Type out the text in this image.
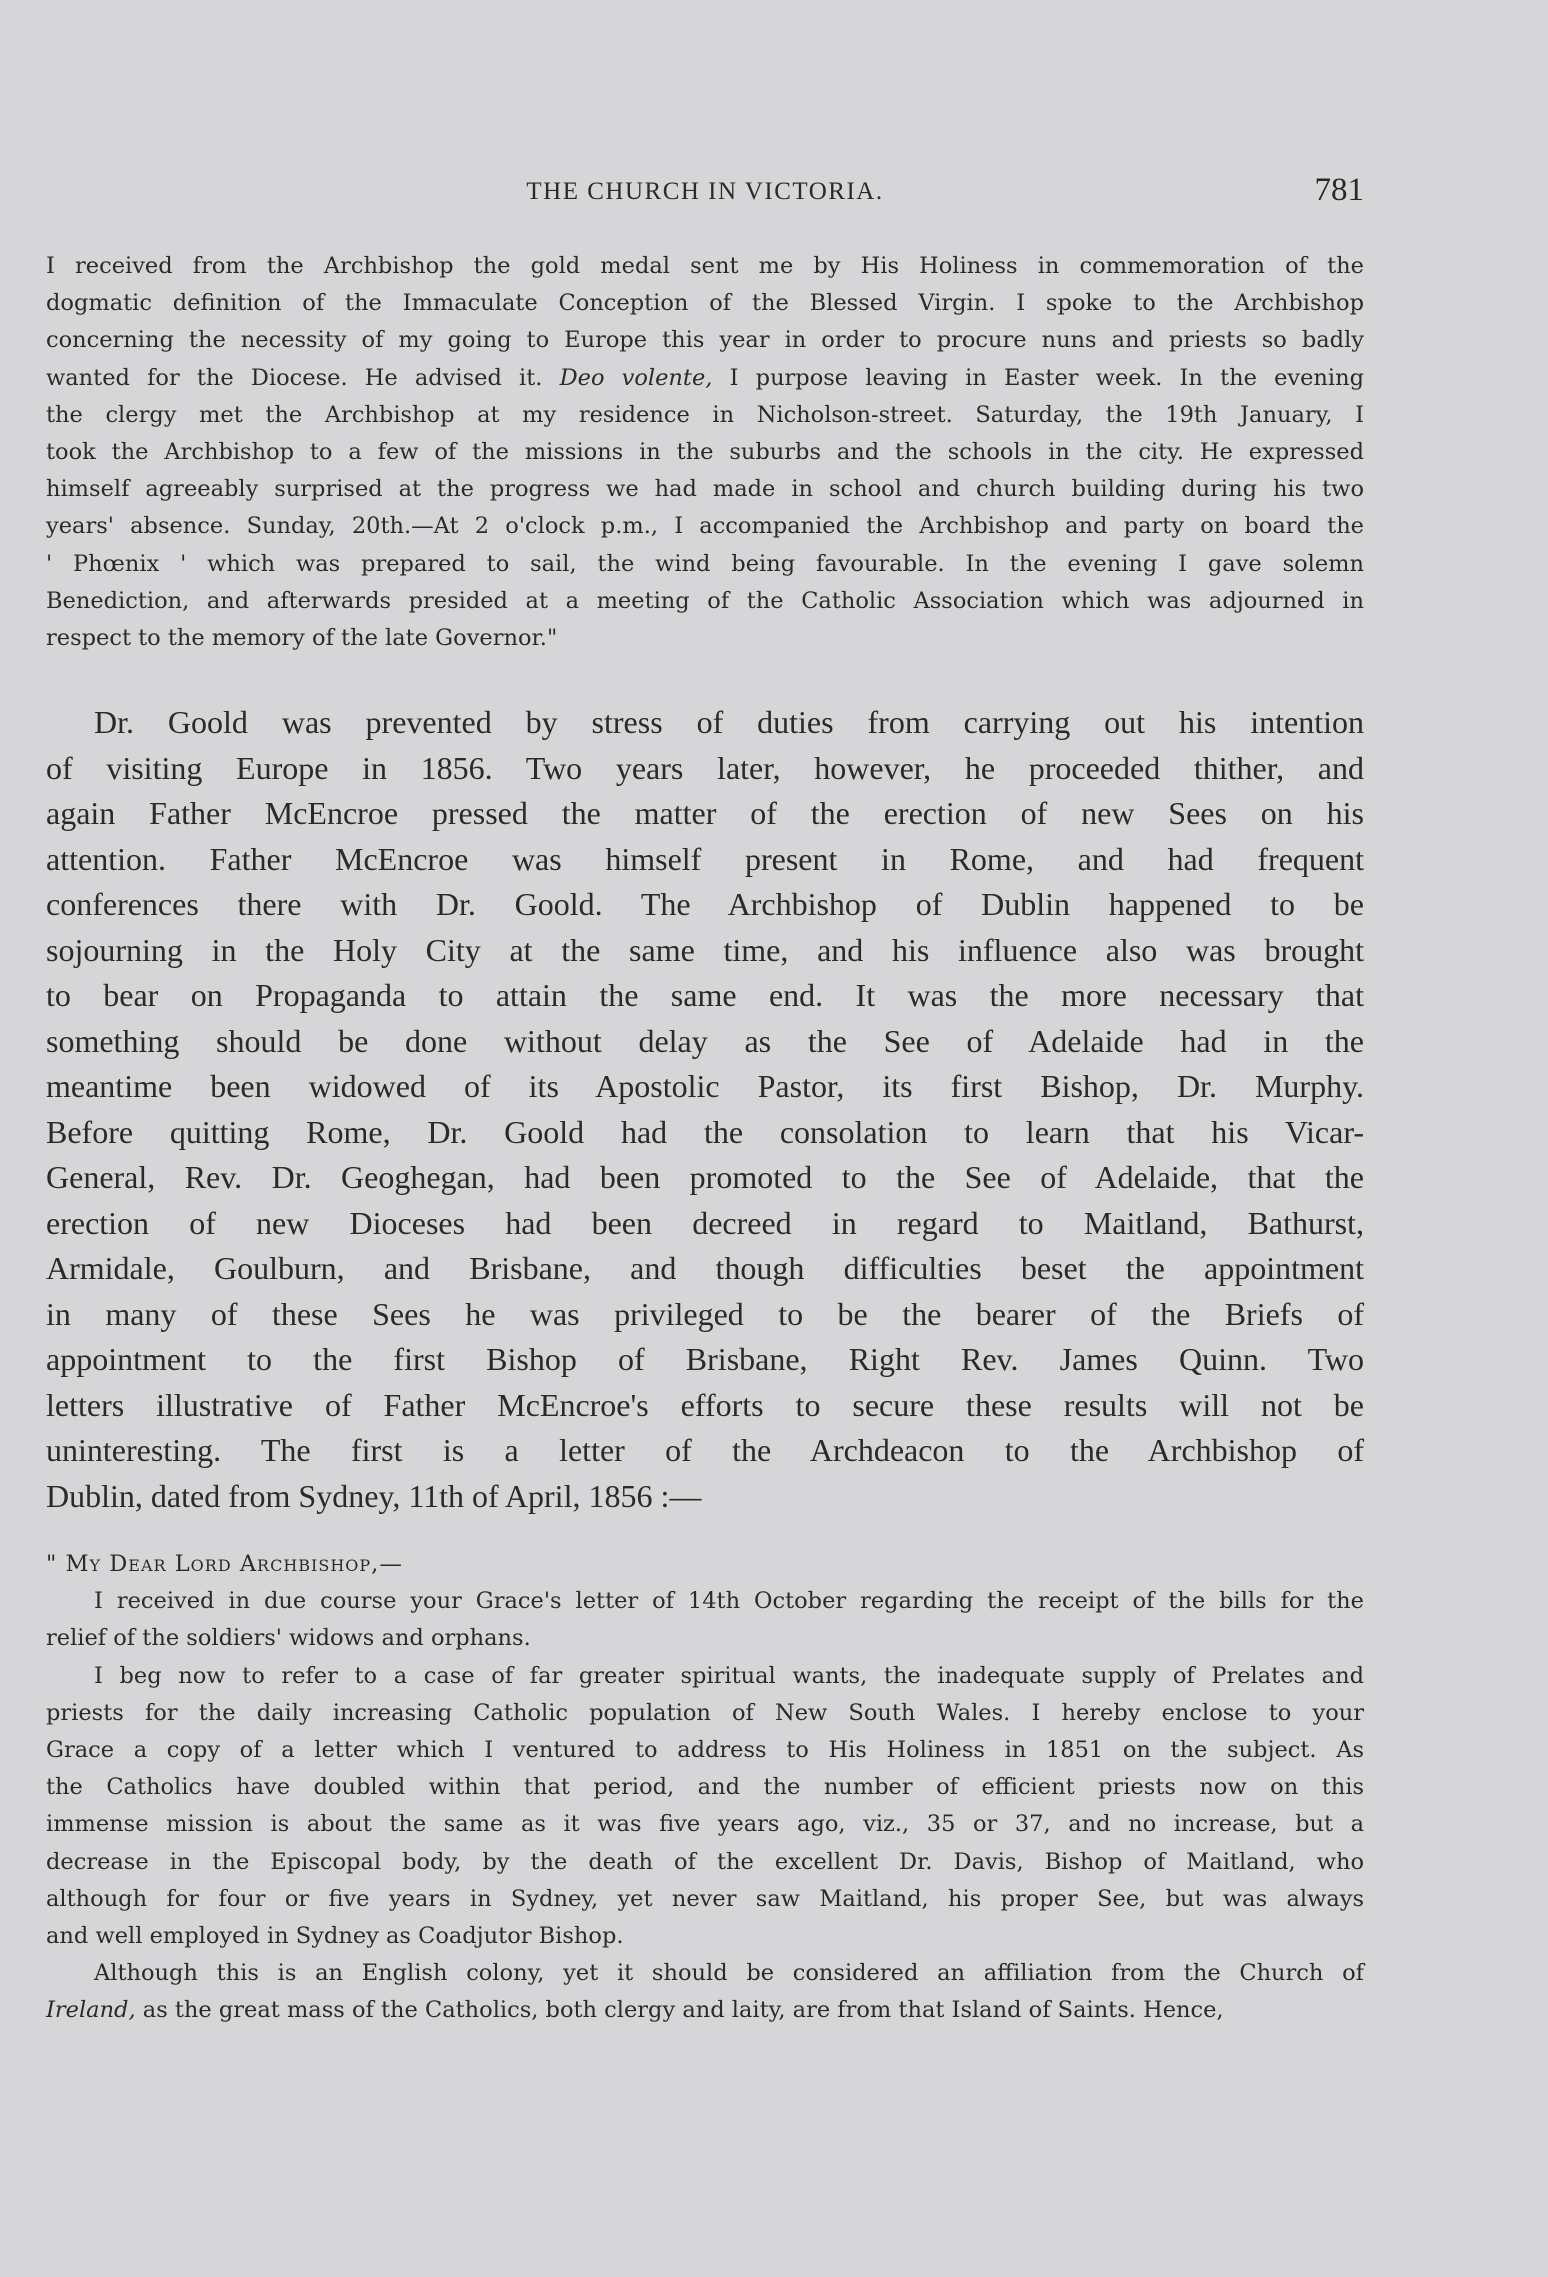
THE CHURCH IN VICTORIA.	781

I received from the Archbishop the gold medal sent me by His Holiness in commemoration of the

dogmatic definition of the Immaculate Conception of the Blessed Virgin. I spoke to the Archbishop

concerning the necessity of my going to Europe this year in order to procure nuns and priests so badly

wanted for the Diocese. He advised it. Deo volente, I purpose leaving in Easter week. In the evening

the clergy met the Archbishop at my residence in Nicholson-street. Saturday, the 19th January, I

took the Archbishop to a few of the missions in the suburbs and the schools in the city. He expressed

himself agreeably surprised at the progress we had made in school and church building during his two

years' absence. Sunday, 20th.—At 2 o'clock p.m., I accompanied the Archbishop and party on board the

' Phœnix ' which was prepared to sail, the wind being favourable. In the evening I gave solemn

Benediction, and afterwards presided at a meeting of the Catholic Association which was adjourned in

respect to the memory of the late Governor."

Dr. Goold was prevented by stress of duties from carrying out his intention

of visiting Europe in 1856. Two years later, however, he proceeded thither, and

again Father McEncroe pressed the matter of the erection of new Sees on his

attention. Father McEncroe was himself present in Rome, and had frequent

conferences there with Dr. Goold. The Archbishop of Dublin happened to be

sojourning in the Holy City at the same time, and his influence also was brought

to bear on Propaganda to attain the same end. It was the more necessary that

something should be done without delay as the See of Adelaide had in the

meantime been widowed of its Apostolic Pastor, its first Bishop, Dr. Murphy.

Before quitting Rome, Dr. Goold had the consolation to learn that his Vicar-

General, Rev. Dr. Geoghegan, had been promoted to the See of Adelaide, that the

erection of new Dioceses had been decreed in regard to Maitland, Bathurst,

Armidale, Goulburn, and Brisbane, and though difficulties beset the appointment

in many of these Sees he was privileged to be the bearer of the Briefs of

appointment to the first Bishop of Brisbane, Right Rev. James Quinn. Two

letters illustrative of Father McEncroe's efforts to secure these results will not be

uninteresting. The first is a letter of the Archdeacon to the Archbishop of

Dublin, dated from Sydney, 11th of April, 1856 :—

" My Dear Lord Archbishop,—

I received in due course your Grace's letter of 14th October regarding the receipt of the bills for the

relief of the soldiers' widows and orphans.

I beg now to refer to a case of far greater spiritual wants, the inadequate supply of Prelates and

priests for the daily increasing Catholic population of New South Wales. I hereby enclose to your

Grace a copy of a letter which I ventured to address to His Holiness in 1851 on the subject. As

the Catholics have doubled within that period, and the number of efficient priests now on this

immense mission is about the same as it was five years ago, viz., 35 or 37, and no increase, but a

decrease in the Episcopal body, by the death of the excellent Dr. Davis, Bishop of Maitland, who

although for four or five years in Sydney, yet never saw Maitland, his proper See, but was always

and well employed in Sydney as Coadjutor Bishop.

Although this is an English colony, yet it should be considered an affiliation from the Church of

Ireland, as the great mass of the Catholics, both clergy and laity, are from that Island of Saints. Hence,
